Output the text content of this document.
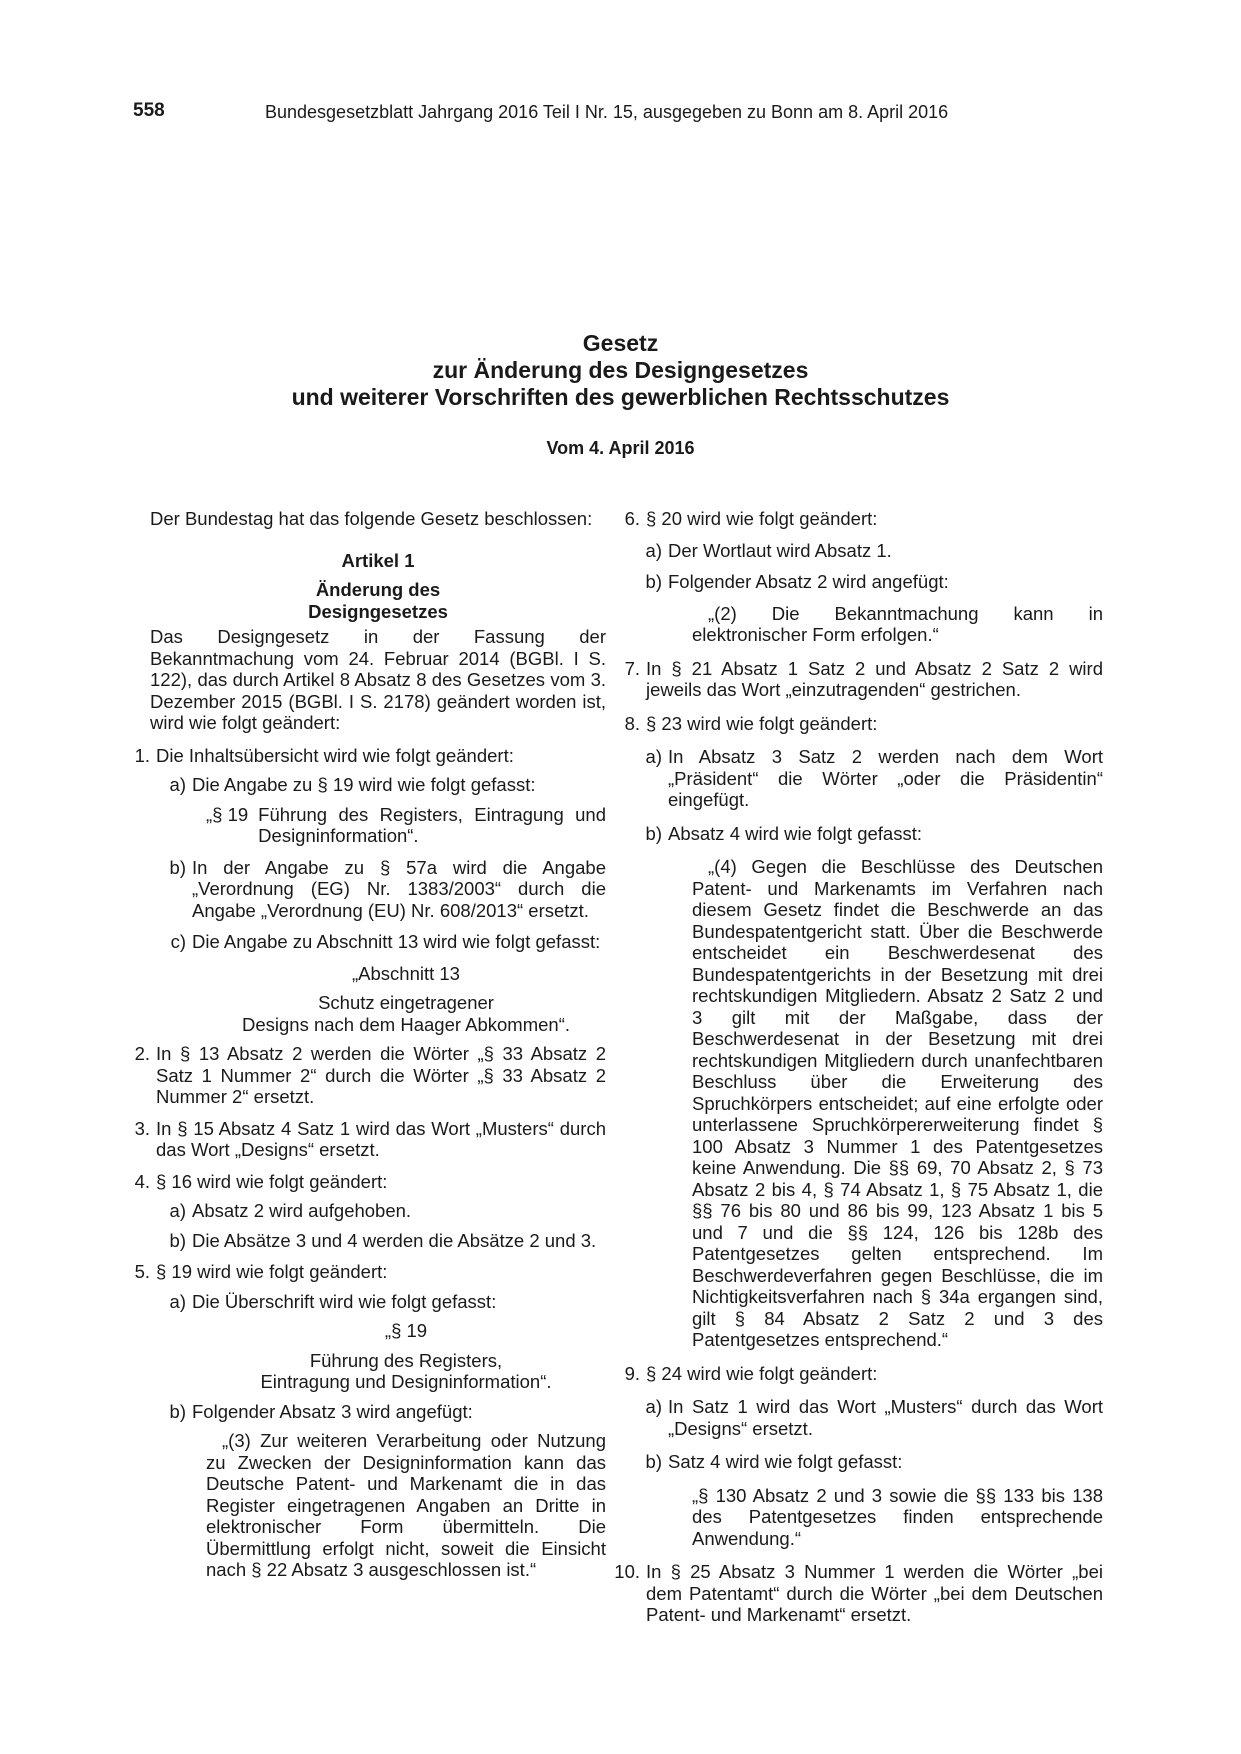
558	Bundesgesetzblatt Jahrgang 2016 Teil I Nr. 15, ausgegeben zu Bonn am 8. April 2016
Gesetz
zur Änderung des Designgesetzes
und weiterer Vorschriften des gewerblichen Rechtsschutzes
Vom 4. April 2016

Der Bundestag hat das folgende Gesetz beschlossen:

Artikel 1

Änderung des

Designgesetzes

Das Designgesetz in der Fassung der Bekanntmachung vom 24. Februar 2014 (BGBl. I S. 122), das durch Artikel 8 Absatz 8 des Gesetzes vom 3. Dezember 2015 (BGBl. I S. 2178) geändert worden ist, wird wie folgt geändert:

1. Die Inhaltsübersicht wird wie folgt geändert:
a) Die Angabe zu § 19 wird wie folgt gefasst:
„§ 19 Führung des Registers, Eintragung und Designinformation“.
b) In der Angabe zu § 57a wird die Angabe „Verordnung (EG) Nr. 1383/2003“ durch die Angabe „Verordnung (EU) Nr. 608/2013“ ersetzt.
c) Die Angabe zu Abschnitt 13 wird wie folgt gefasst:

„Abschnitt 13

Schutz eingetragener

Designs nach dem Haager Abkommen“.

2. In § 13 Absatz 2 werden die Wörter „§ 33 Absatz 2 Satz 1 Nummer 2“ durch die Wörter „§ 33 Absatz 2 Nummer 2“ ersetzt.
3. In § 15 Absatz 4 Satz 1 wird das Wort „Musters“ durch das Wort „Designs“ ersetzt.
4. § 16 wird wie folgt geändert:
a) Absatz 2 wird aufgehoben.
b) Die Absätze 3 und 4 werden die Absätze 2 und 3.
5. § 19 wird wie folgt geändert:
a) Die Überschrift wird wie folgt gefasst:

„§ 19

Führung des Registers,

Eintragung und Designinformation“.

b) Folgender Absatz 3 wird angefügt:

„(3) Zur weiteren Verarbeitung oder Nutzung zu Zwecken der Designinformation kann das Deutsche Patent- und Markenamt die in das Register eingetragenen Angaben an Dritte in elektronischer Form übermitteln. Die Übermittlung erfolgt nicht, soweit die Einsicht nach § 22 Absatz 3 ausgeschlossen ist.“

6. § 20 wird wie folgt geändert:
a) Der Wortlaut wird Absatz 1.
b) Folgender Absatz 2 wird angefügt:

„(2) Die Bekanntmachung kann in elektronischer Form erfolgen.“

7. In § 21 Absatz 1 Satz 2 und Absatz 2 Satz 2 wird jeweils das Wort „einzutragenden“ gestrichen.
8. § 23 wird wie folgt geändert:
a) In Absatz 3 Satz 2 werden nach dem Wort „Präsident“ die Wörter „oder die Präsidentin“ eingefügt.
b) Absatz 4 wird wie folgt gefasst:

„(4) Gegen die Beschlüsse des Deutschen Patent- und Markenamts im Verfahren nach diesem Gesetz findet die Beschwerde an das Bundespatentgericht statt. Über die Beschwerde entscheidet ein Beschwerdesenat des Bundespatentgerichts in der Besetzung mit drei rechtskundigen Mitgliedern. Absatz 2 Satz 2 und 3 gilt mit der Maßgabe, dass der Beschwerdesenat in der Besetzung mit drei rechtskundigen Mitgliedern durch unanfechtbaren Beschluss über die Erweiterung des Spruchkörpers entscheidet; auf eine erfolgte oder unterlassene Spruchkörpererweiterung findet § 100 Absatz 3 Nummer 1 des Patentgesetzes keine Anwendung. Die §§ 69, 70 Absatz 2, § 73 Absatz 2 bis 4, § 74 Absatz 1, § 75 Absatz 1, die §§ 76 bis 80 und 86 bis 99, 123 Absatz 1 bis 5 und 7 und die §§ 124, 126 bis 128b des Patentgesetzes gelten entsprechend. Im Beschwerdeverfahren gegen Beschlüsse, die im Nichtigkeitsverfahren nach § 34a ergangen sind, gilt § 84 Absatz 2 Satz 2 und 3 des Patentgesetzes entsprechend.“

9. § 24 wird wie folgt geändert:
a) In Satz 1 wird das Wort „Musters“ durch das Wort „Designs“ ersetzt.
b) Satz 4 wird wie folgt gefasst:

„§ 130 Absatz 2 und 3 sowie die §§ 133 bis 138 des Patentgesetzes finden entsprechende Anwendung.“

10. In § 25 Absatz 3 Nummer 1 werden die Wörter „bei dem Patentamt“ durch die Wörter „bei dem Deutschen Patent- und Markenamt“ ersetzt.
